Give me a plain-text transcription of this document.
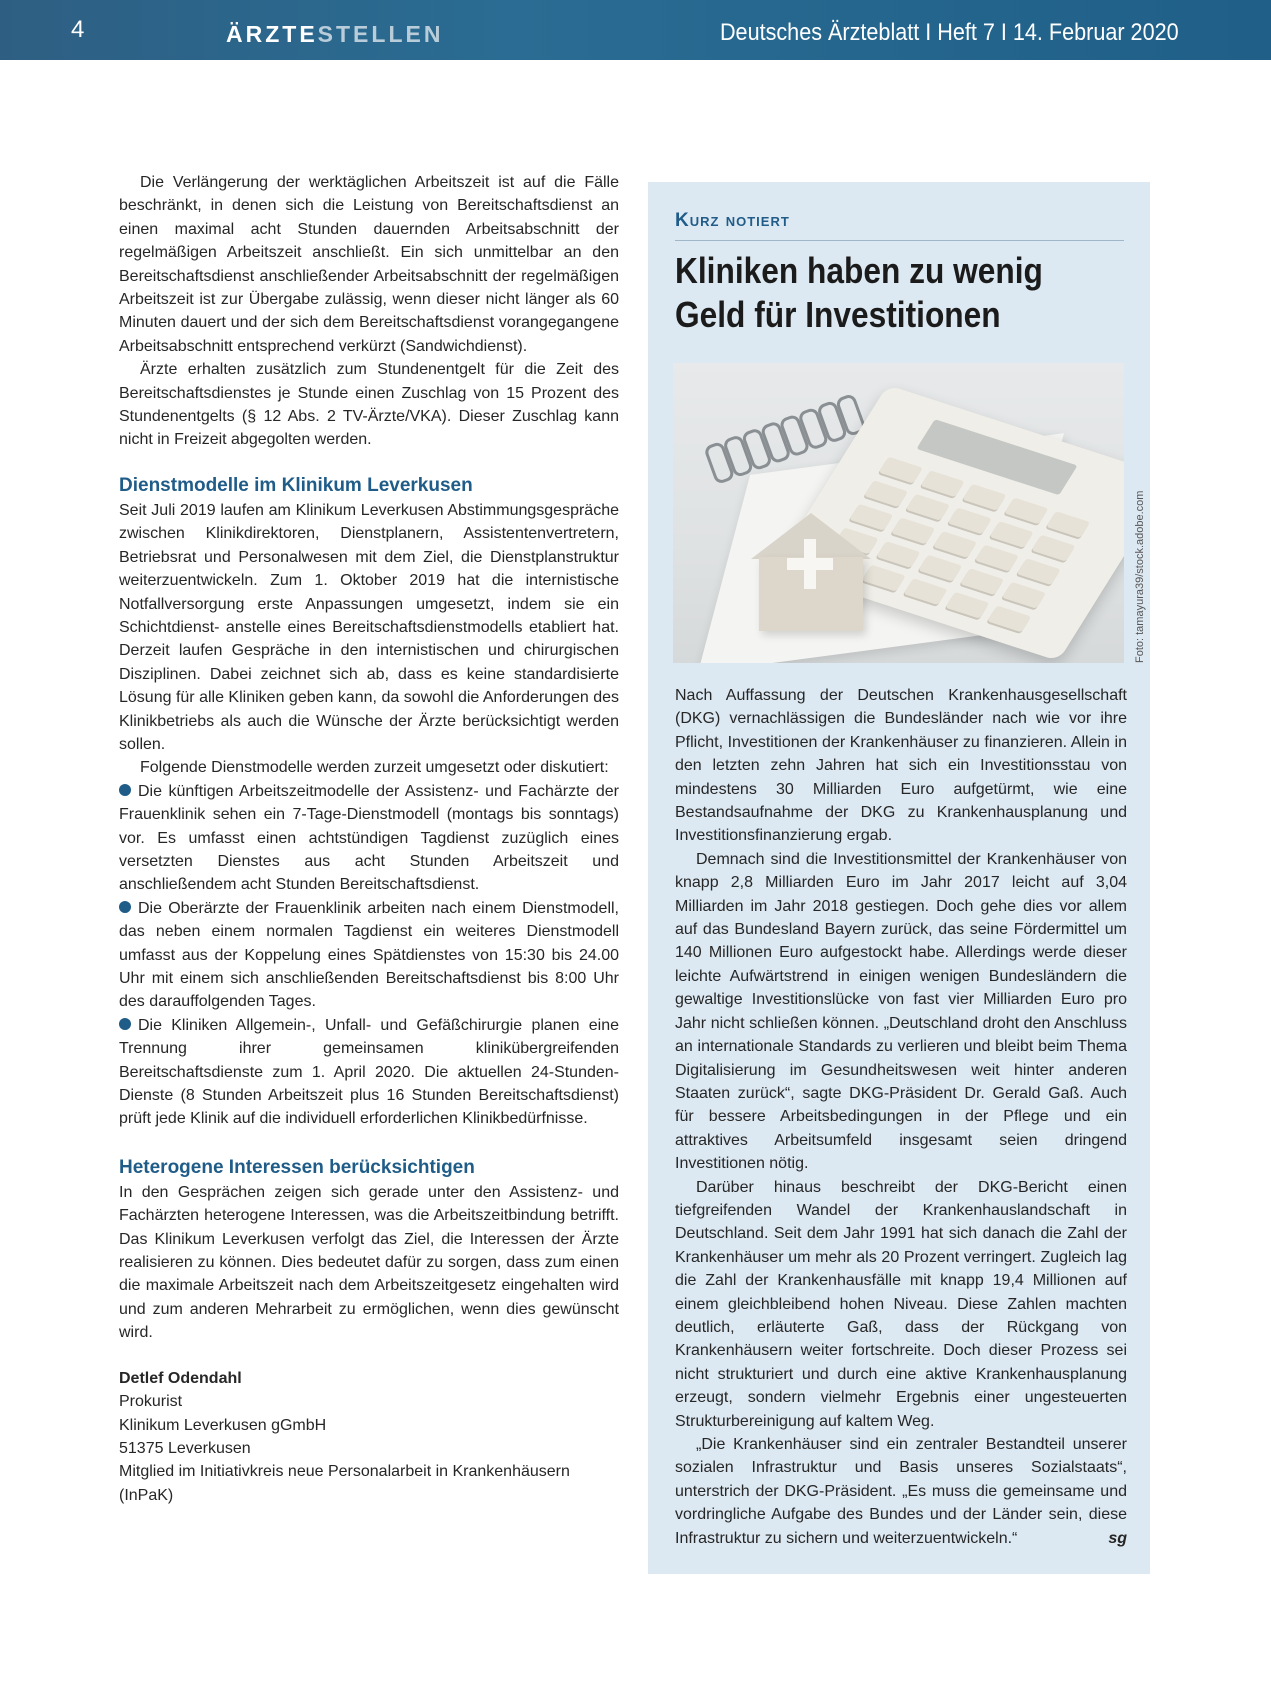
4	ÄRZTESTELLEN	Deutsches Ärzteblatt I Heft 7 I 14. Februar 2020

Die Verlängerung der werktäglichen Arbeitszeit ist auf die Fälle beschränkt, in denen sich die Leistung von Bereitschaftsdienst an einen maximal acht Stunden dauernden Arbeitsabschnitt der regelmäßigen Arbeitszeit anschließt. Ein sich unmittelbar an den Bereitschaftsdienst anschließender Arbeitsabschnitt der regelmäßigen Arbeitszeit ist zur Übergabe zulässig, wenn dieser nicht länger als 60 Minuten dauert und der sich dem Bereitschaftsdienst vorangegangene Arbeitsabschnitt entsprechend verkürzt (Sandwichdienst).

Ärzte erhalten zusätzlich zum Stundenentgelt für die Zeit des Bereitschaftsdienstes je Stunde einen Zuschlag von 15 Prozent des Stundenentgelts (§ 12 Abs. 2 TV-Ärzte/VKA). Dieser Zuschlag kann nicht in Freizeit abgegolten werden.

Dienstmodelle im Klinikum Leverkusen

Seit Juli 2019 laufen am Klinikum Leverkusen Abstimmungsgespräche zwischen Klinikdirektoren, Dienstplanern, Assistentenvertretern, Betriebsrat und Personalwesen mit dem Ziel, die Dienstplanstruktur weiterzuentwickeln. Zum 1. Oktober 2019 hat die internistische Notfallversorgung erste Anpassungen umgesetzt, indem sie ein Schichtdienst- anstelle eines Bereitschaftsdienstmodells etabliert hat. Derzeit laufen Gespräche in den internistischen und chirurgischen Disziplinen. Dabei zeichnet sich ab, dass es keine standardisierte Lösung für alle Kliniken geben kann, da sowohl die Anforderungen des Klinikbetriebs als auch die Wünsche der Ärzte berücksichtigt werden sollen.

Folgende Dienstmodelle werden zurzeit umgesetzt oder diskutiert:

Die künftigen Arbeitszeitmodelle der Assistenz- und Fachärzte der Frauenklinik sehen ein 7-Tage-Dienstmodell (montags bis sonntags) vor. Es umfasst einen achtstündigen Tagdienst zuzüglich eines versetzten Dienstes aus acht Stunden Arbeitszeit und anschließendem acht Stunden Bereitschaftsdienst.

Die Oberärzte der Frauenklinik arbeiten nach einem Dienstmodell, das neben einem normalen Tagdienst ein weiteres Dienstmodell umfasst aus der Koppelung eines Spätdienstes von 15:30 bis 24.00 Uhr mit einem sich anschließenden Bereitschaftsdienst bis 8:00 Uhr des darauffolgenden Tages.

Die Kliniken Allgemein-, Unfall- und Gefäßchirurgie planen eine Trennung ihrer gemeinsamen klinikübergreifenden Bereitschaftsdienste zum 1. April 2020. Die aktuellen 24-Stunden-Dienste (8 Stunden Arbeitszeit plus 16 Stunden Bereitschaftsdienst) prüft jede Klinik auf die individuell erforderlichen Klinikbedürfnisse.

Heterogene Interessen berücksichtigen

In den Gesprächen zeigen sich gerade unter den Assistenz- und Fachärzten heterogene Interessen, was die Arbeitszeitbindung betrifft. Das Klinikum Leverkusen verfolgt das Ziel, die Interessen der Ärzte realisieren zu können. Dies bedeutet dafür zu sorgen, dass zum einen die maximale Arbeitszeit nach dem Arbeitszeitgesetz eingehalten wird und zum anderen Mehrarbeit zu ermöglichen, wenn dies gewünscht wird.

Detlef Odendahl

Prokurist

Klinikum Leverkusen gGmbH

51375 Leverkusen

Mitglied im Initiativkreis neue Personalarbeit in Krankenhäusern (InPaK)

Kurz notiert
Kliniken haben zu wenig Geld für Investitionen
Foto: tamayura39/stock.adobe.com

Nach Auffassung der Deutschen Krankenhausgesellschaft (DKG) vernachlässigen die Bundesländer nach wie vor ihre Pflicht, Investitionen der Krankenhäuser zu finanzieren. Allein in den letzten zehn Jahren hat sich ein Investitionsstau von mindestens 30 Milliarden Euro aufgetürmt, wie eine Bestandsaufnahme der DKG zu Krankenhausplanung und Investitionsfinanzierung ergab.

Demnach sind die Investitionsmittel der Krankenhäuser von knapp 2,8 Milliarden Euro im Jahr 2017 leicht auf 3,04 Milliarden im Jahr 2018 gestiegen. Doch gehe dies vor allem auf das Bundesland Bayern zurück, das seine Fördermittel um 140 Millionen Euro aufgestockt habe. Allerdings werde dieser leichte Aufwärtstrend in einigen wenigen Bundesländern die gewaltige Investitionslücke von fast vier Milliarden Euro pro Jahr nicht schließen können. „Deutschland droht den Anschluss an internationale Standards zu verlieren und bleibt beim Thema Digitalisierung im Gesundheitswesen weit hinter anderen Staaten zurück“, sagte DKG-Präsident Dr. Gerald Gaß. Auch für bessere Arbeitsbedingungen in der Pflege und ein attraktives Arbeitsumfeld insgesamt seien dringend Investitionen nötig.

Darüber hinaus beschreibt der DKG-Bericht einen tiefgreifenden Wandel der Krankenhauslandschaft in Deutschland. Seit dem Jahr 1991 hat sich danach die Zahl der Krankenhäuser um mehr als 20 Prozent verringert. Zugleich lag die Zahl der Krankenhausfälle mit knapp 19,4 Millionen auf einem gleichbleibend hohen Niveau. Diese Zahlen machten deutlich, erläuterte Gaß, dass der Rückgang von Krankenhäusern weiter fortschreite. Doch dieser Prozess sei nicht strukturiert und durch eine aktive Krankenhausplanung erzeugt, sondern vielmehr Ergebnis einer ungesteuerten Strukturbereinigung auf kaltem Weg.

„Die Krankenhäuser sind ein zentraler Bestandteil unserer sozialen Infrastruktur und Basis unseres Sozialstaats“, unterstrich der DKG-Präsident. „Es muss die gemeinsame und vordringliche Aufgabe des Bundes und der Länder sein, diese Infrastruktur zu sichern und weiterzuentwickeln.“	sg
